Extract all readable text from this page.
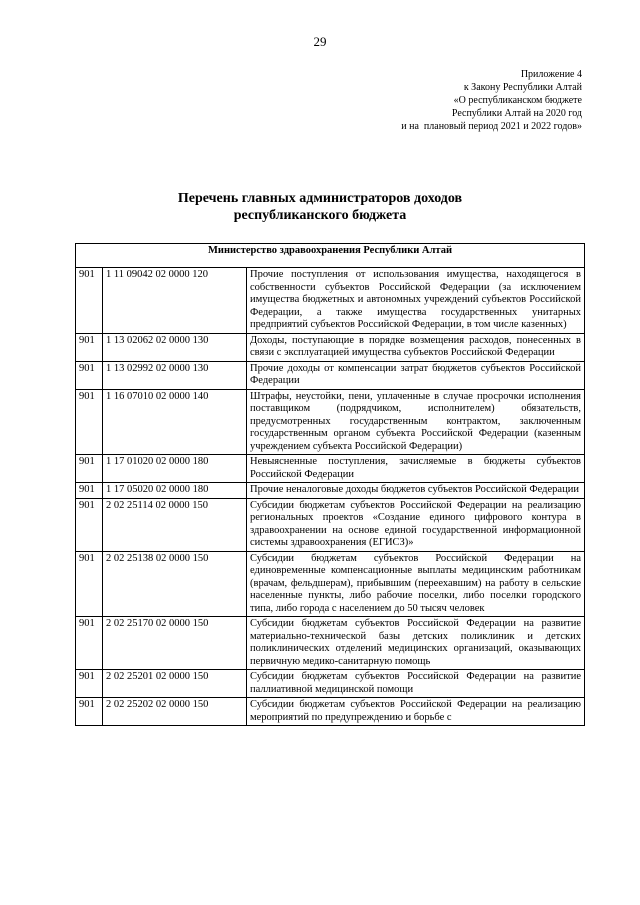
29
Приложение 4
к Закону Республики Алтай
«О республиканском бюджете
Республики Алтай на 2020 год
и на  плановый период 2021 и 2022 годов»
Перечень главных администраторов доходов
республиканского бюджета
Министерство здравоохранения Республики Алтай		
901	1 11 09042 02 0000 120	Прочие поступления от использования имущества, находящегося в собственности субъектов Российской Федерации (за исключением имущества бюджетных и автономных учреждений субъектов Российской Федерации, а также имущества государственных унитарных предприятий субъектов Российской Федерации, в том числе казенных)
901	1 13 02062 02 0000 130	Доходы, поступающие в порядке возмещения расходов, понесенных в связи с эксплуатацией имущества субъектов Российской Федерации
901	1 13 02992 02 0000 130	Прочие доходы от компенсации затрат бюджетов субъектов Российской Федерации
901	1 16 07010 02 0000 140	Штрафы, неустойки, пени, уплаченные в случае просрочки исполнения поставщиком (подрядчиком, исполнителем) обязательств, предусмотренных государственным контрактом, заключенным государственным органом субъекта Российской Федерации (казенным учреждением субъекта Российской Федерации)
901	1 17 01020 02 0000 180	Невыясненные поступления, зачисляемые в бюджеты субъектов Российской Федерации
901	1 17 05020 02 0000 180	Прочие неналоговые доходы бюджетов субъектов Российской Федерации
901	2 02 25114 02 0000 150	Субсидии бюджетам субъектов Российской Федерации на реализацию региональных проектов «Создание единого цифрового контура в здравоохранении на основе единой государственной информационной системы здравоохранения (ЕГИСЗ)»
901	2 02 25138 02 0000 150	Субсидии бюджетам субъектов Российской Федерации на единовременные компенсационные выплаты медицинским работникам (врачам, фельдшерам), прибывшим (переехавшим) на работу в сельские населенные пункты, либо рабочие поселки, либо поселки городского типа, либо города с населением до 50 тысяч человек
901	2 02 25170 02 0000 150	Субсидии бюджетам субъектов Российской Федерации на развитие материально-технической базы детских поликлиник и детских поликлинических отделений медицинских организаций, оказывающих первичную медико-санитарную помощь
901	2 02 25201 02 0000 150	Субсидии бюджетам субъектов Российской Федерации на развитие паллиативной медицинской помощи
901	2 02 25202 02 0000 150	Субсидии бюджетам субъектов Российской Федерации на реализацию мероприятий по предупреждению и борьбе с
